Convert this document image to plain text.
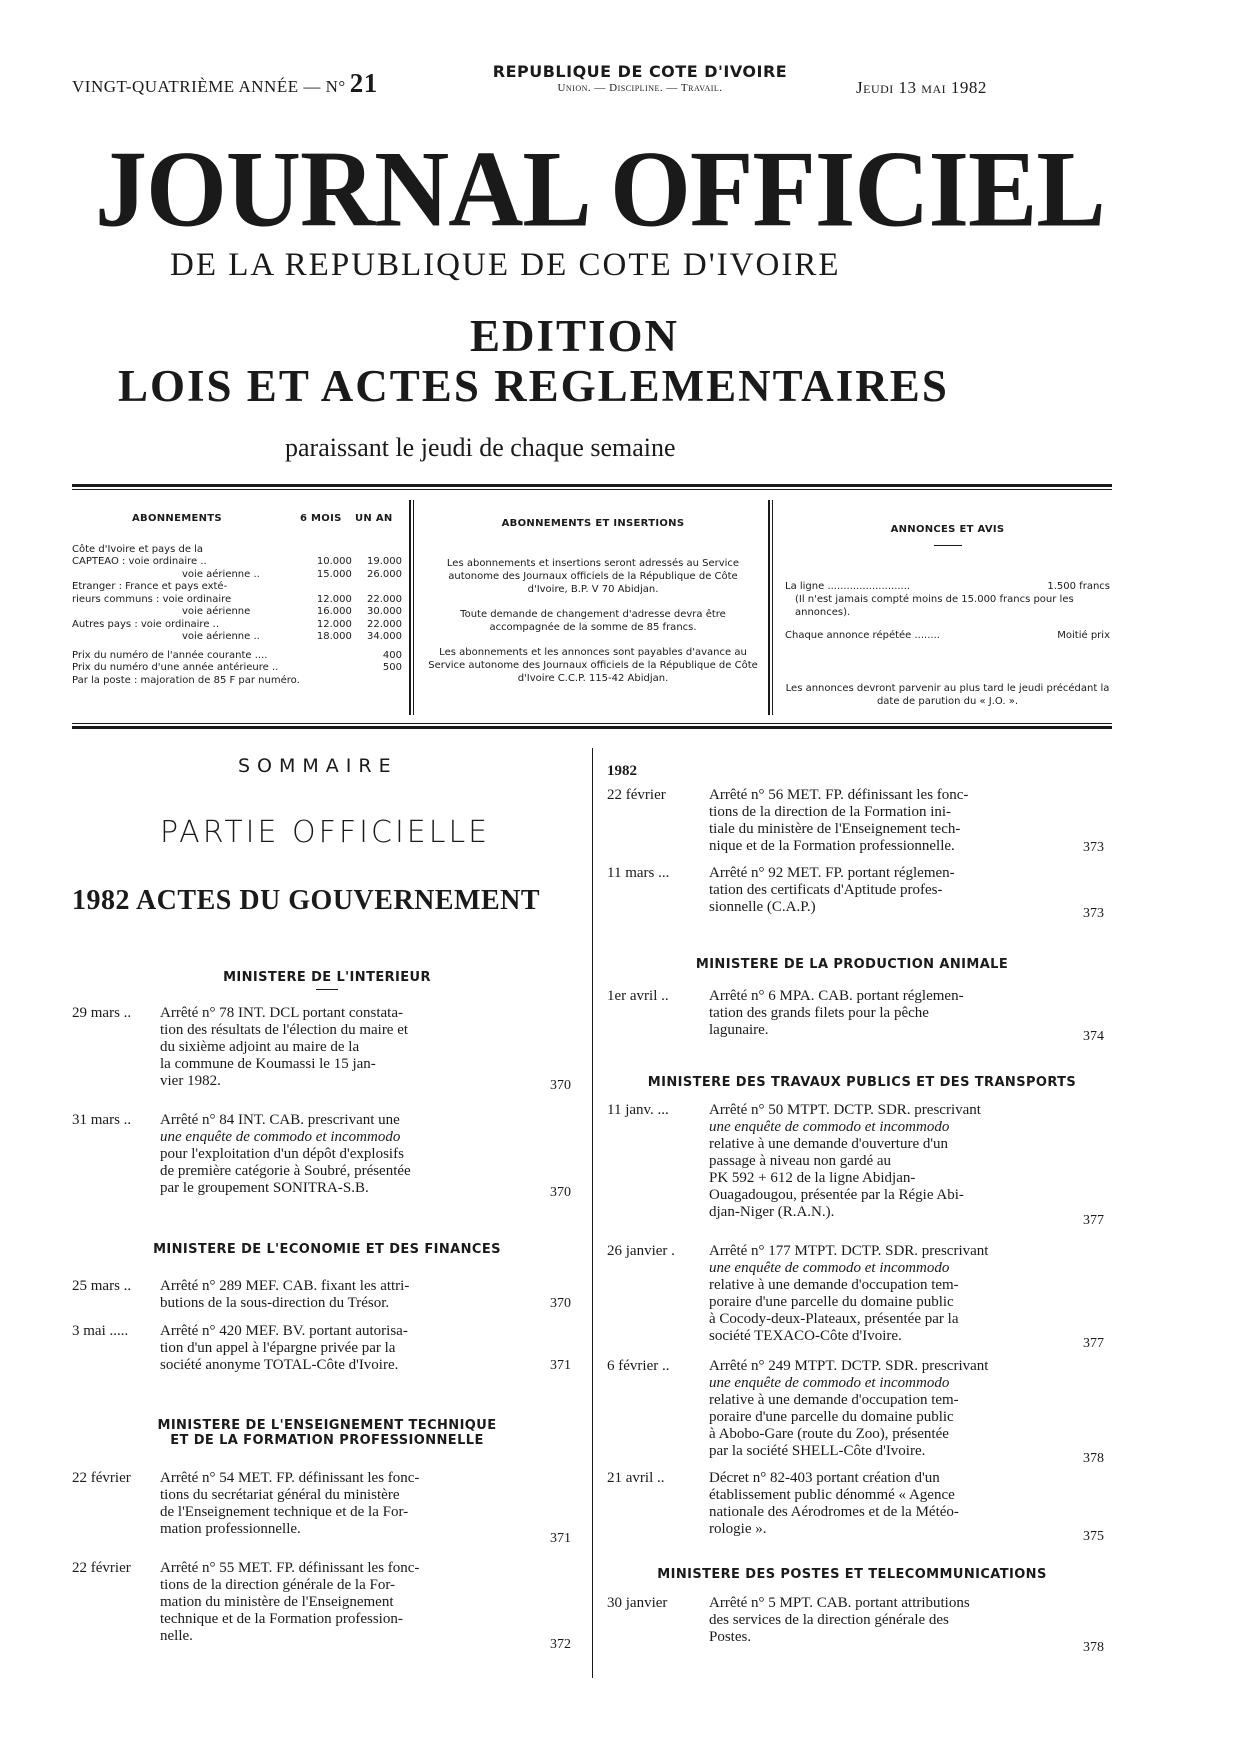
VINGT-QUATRIÈME ANNÉE — N° 21	REPUBLIQUE DE COTE D'IVOIRE
Union. — Discipline. — Travail.	Jeudi 13 mai 1982
JOURNAL OFFICIEL
DE LA REPUBLIQUE DE COTE D'IVOIRE
EDITION
LOIS ET ACTES REGLEMENTAIRES
paraissant le jeudi de chaque semaine
ABONNEMENTS	6 MOIS UN AN
Côte d'Ivoire et pays de la
CAPTEAO : voie ordinaire ..	10.000	19.000
voie aérienne ..	15.000	26.000
Etranger : France et pays exté-		
rieurs communs : voie ordinaire	12.000	22.000
voie aérienne	16.000	30.000
Autres pays : voie ordinaire ..	12.000	22.000
voie aérienne ..	18.000	34.000
Prix du numéro de l'année courante ....	400
Prix du numéro d'une année antérieure ..	500
Par la poste : majoration de 85 F par numéro.	
ABONNEMENTS ET INSERTIONS
Les abonnements et insertions seront adressés au Service autonome des Journaux officiels de la République de Côte d'Ivoire, B.P. V 70 Abidjan.
Toute demande de changement d'adresse devra être accompagnée de la somme de 85 francs.
Les abonnements et les annonces sont payables d'avance au Service autonome des Journaux officiels de la République de Côte d'Ivoire C.C.P. 115-42 Abidjan.
ANNONCES ET AVIS
La ligne ..........................	1.500 francs
(Il n'est jamais compté moins de 15.000 francs pour les annonces).
Chaque annonce répétée ........	Moitié prix
Les annonces devront parvenir au plus tard le jeudi précédant la date de parution du « J.O. ».
SOMMAIRE
PARTIE OFFICIELLE
1982 ACTES DU GOUVERNEMENT
MINISTERE DE L'INTERIEUR
29 mars .. Arrêté n° 78 INT. DCL portant constata-
tion des résultats de l'élection du maire et
du sixième adjoint au maire de la
la commune de Koumassi le 15 jan-
vier 1982.	370
31 mars .. Arrêté n° 84 INT. CAB. prescrivant une
une enquête de commodo et incommodo
pour l'exploitation d'un dépôt d'explosifs
de première catégorie à Soubré, présentée
par le groupement SONITRA-S.B.	370
MINISTERE DE L'ECONOMIE ET DES FINANCES
25 mars .. Arrêté n° 289 MEF. CAB. fixant les attri-
butions de la sous-direction du Trésor.	370
3 mai ..... Arrêté n° 420 MEF. BV. portant autorisa-
tion d'un appel à l'épargne privée par la
société anonyme TOTAL-Côte d'Ivoire.	371
MINISTERE DE L'ENSEIGNEMENT TECHNIQUE
ET DE LA FORMATION PROFESSIONNELLE
22 février Arrêté n° 54 MET. FP. définissant les fonc-
tions du secrétariat général du ministère
de l'Enseignement technique et de la For-
mation professionnelle.
371
22 février Arrêté n° 55 MET. FP. définissant les fonc-
tions de la direction générale de la For-
mation du ministère de l'Enseignement
technique et de la Formation profession-
nelle.
372
1982
22 février	Arrêté n° 56 MET. FP. définissant les fonc-
tions de la direction de la Formation ini-
tiale du ministère de l'Enseignement tech-
nique et de la Formation professionnelle.	373
11 mars ...	Arrêté n° 92 MET. FP. portant réglemen-
tation des certificats d'Aptitude profes-
sionnelle (C.A.P.)	373
MINISTERE DE LA PRODUCTION ANIMALE
1er avril ..	Arrêté n° 6 MPA. CAB. portant réglemen-
tation des grands filets pour la pêche
lagunaire.	374
MINISTERE DES TRAVAUX PUBLICS ET DES TRANSPORTS
11 janv. ...	Arrêté n° 50 MTPT. DCTP. SDR. prescrivant
une enquête de commodo et incommodo
relative à une demande d'ouverture d'un
passage à niveau non gardé au
PK 592 + 612 de la ligne Abidjan-
Ouagadougou, présentée par la Régie Abi-
djan-Niger (R.A.N.).
377
26 janvier . Arrêté n° 177 MTPT. DCTP. SDR. prescrivant
une enquête de commodo et incommodo
relative à une demande d'occupation tem-
poraire d'une parcelle du domaine public
à Cocody-deux-Plateaux, présentée par la
société TEXACO-Côte d'Ivoire.	377
6 février ..	Arrêté n° 249 MTPT. DCTP. SDR. prescrivant
une enquête de commodo et incommodo
relative à une demande d'occupation tem-
poraire d'une parcelle du domaine public
à Abobo-Gare (route du Zoo), présentée
par la société SHELL-Côte d'Ivoire.	378
21 avril ..	Décret n° 82-403 portant création d'un
établissement public dénommé « Agence
nationale des Aérodromes et de la Météo-
rologie ».	375
MINISTERE DES POSTES ET TELECOMMUNICATIONS
30 janvier	Arrêté n° 5 MPT. CAB. portant attributions
des services de la direction générale des
Postes.
378
